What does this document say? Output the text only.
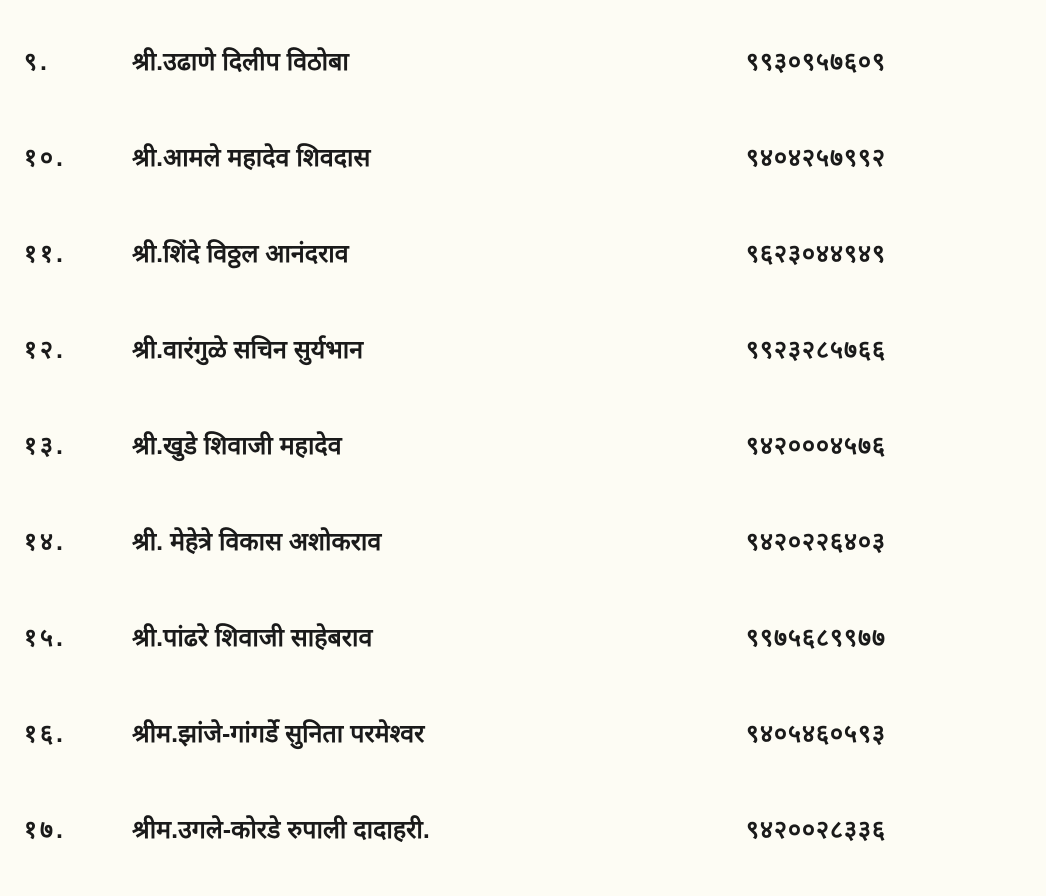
९.	श्री.उढाणे दिलीप विठोबा	९९३०९५७६०९
१०.	श्री.आमले महादेव शिवदास	९४०४२५७९९२
११.	श्री.शिंदे विठ्ठल आनंदराव	९६२३०४४९४९
१२.	श्री.वारंगुळे सचिन सुर्यभान	९९२३२८५७६६
१३.	श्री.खुडे शिवाजी महादेव	९४२०००४५७६
१४.	श्री. मेहेत्रे विकास अशोकराव	९४२०२२६४०३
१५.	श्री.पांढरे शिवाजी साहेबराव	९९७५६८९९७७
१६.	श्रीम.झांजे-गांगर्डे सुनिता परमेश्वर	९४०५४६०५९३
१७.	श्रीम.उगले-कोरडे रुपाली दादाहरी.	९४२००२८३३६
